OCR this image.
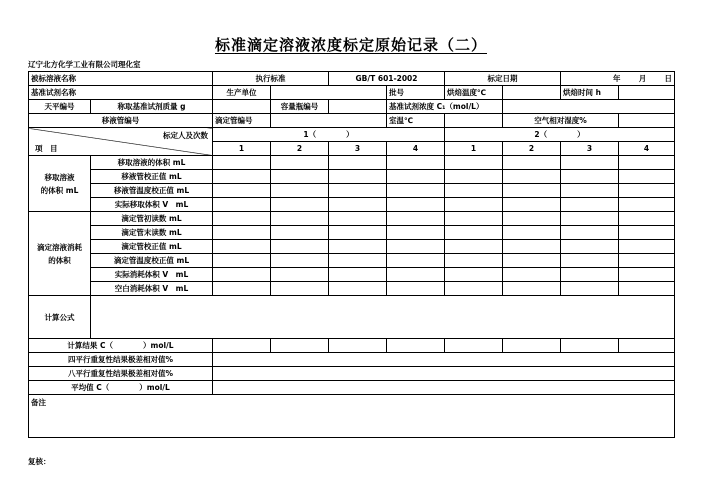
标准滴定溶液浓度标定原始记录（二）
辽宁北方化学工业有限公司理化室
被标溶液名称		执行标准		GB/T 601-2002		标定日期		年 月 日	
基准试剂名称		生产单位			批号	烘焙温度℃		烘焙时间 h	
天平编号	称取基准试剂质量 g		容量瓶编号		基准试剂浓度 C₁（mol/L）				
移液管编号		滴定管编号			室温℃		空气相对湿度%		

标定人及次数
项　目		1（　　　　）				2（　　　　）			
		1	2	3	4	1	2	3	4

移取溶液
的体积 mL	移取溶液的体积 mL								
	移液管校正值 mL								
	移液管温度校正值 mL								
	实际移取体积 V　mL								

滴定溶液消耗
的体积	滴定管初读数 mL								
	滴定管末读数 mL								
	滴定管校正值 mL								
	滴定管温度校正值 mL								
	实际消耗体积 V　mL								
	空白消耗体积 V　mL								
计算公式									
计算结果 C（　　　　）mol/L									
四平行重复性结果极差相对值%									
八平行重复性结果极差相对值%									
平均值 C（　　　　）mol/L									
备注									
复核：
